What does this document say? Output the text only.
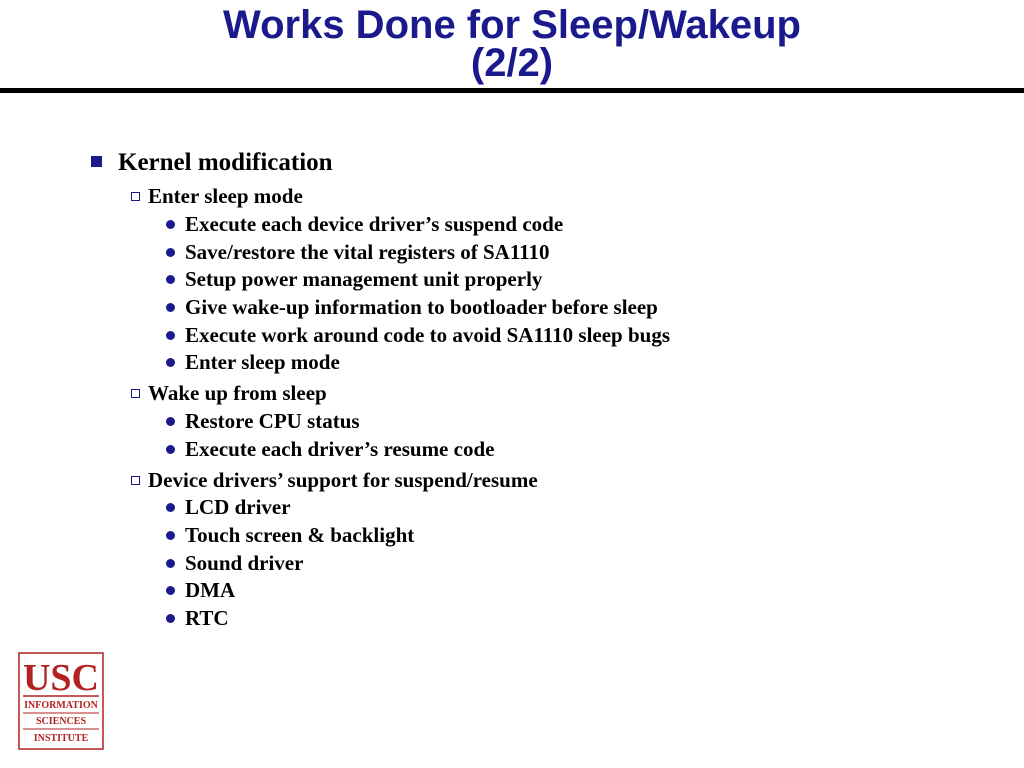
Works Done for Sleep/Wakeup
(2/2)
Kernel modification
Enter sleep mode
Execute each device driver’s suspend code
Save/restore the vital registers of SA1110
Setup power management unit properly
Give wake-up information to bootloader before sleep
Execute work around code to avoid SA1110 sleep bugs
Enter sleep mode
Wake up from sleep
Restore CPU status
Execute each driver’s resume code
Device drivers’ support for suspend/resume
LCD driver
Touch screen & backlight
Sound driver
DMA
RTC
USC
INFORMATION
SCIENCES
INSTITUTE
